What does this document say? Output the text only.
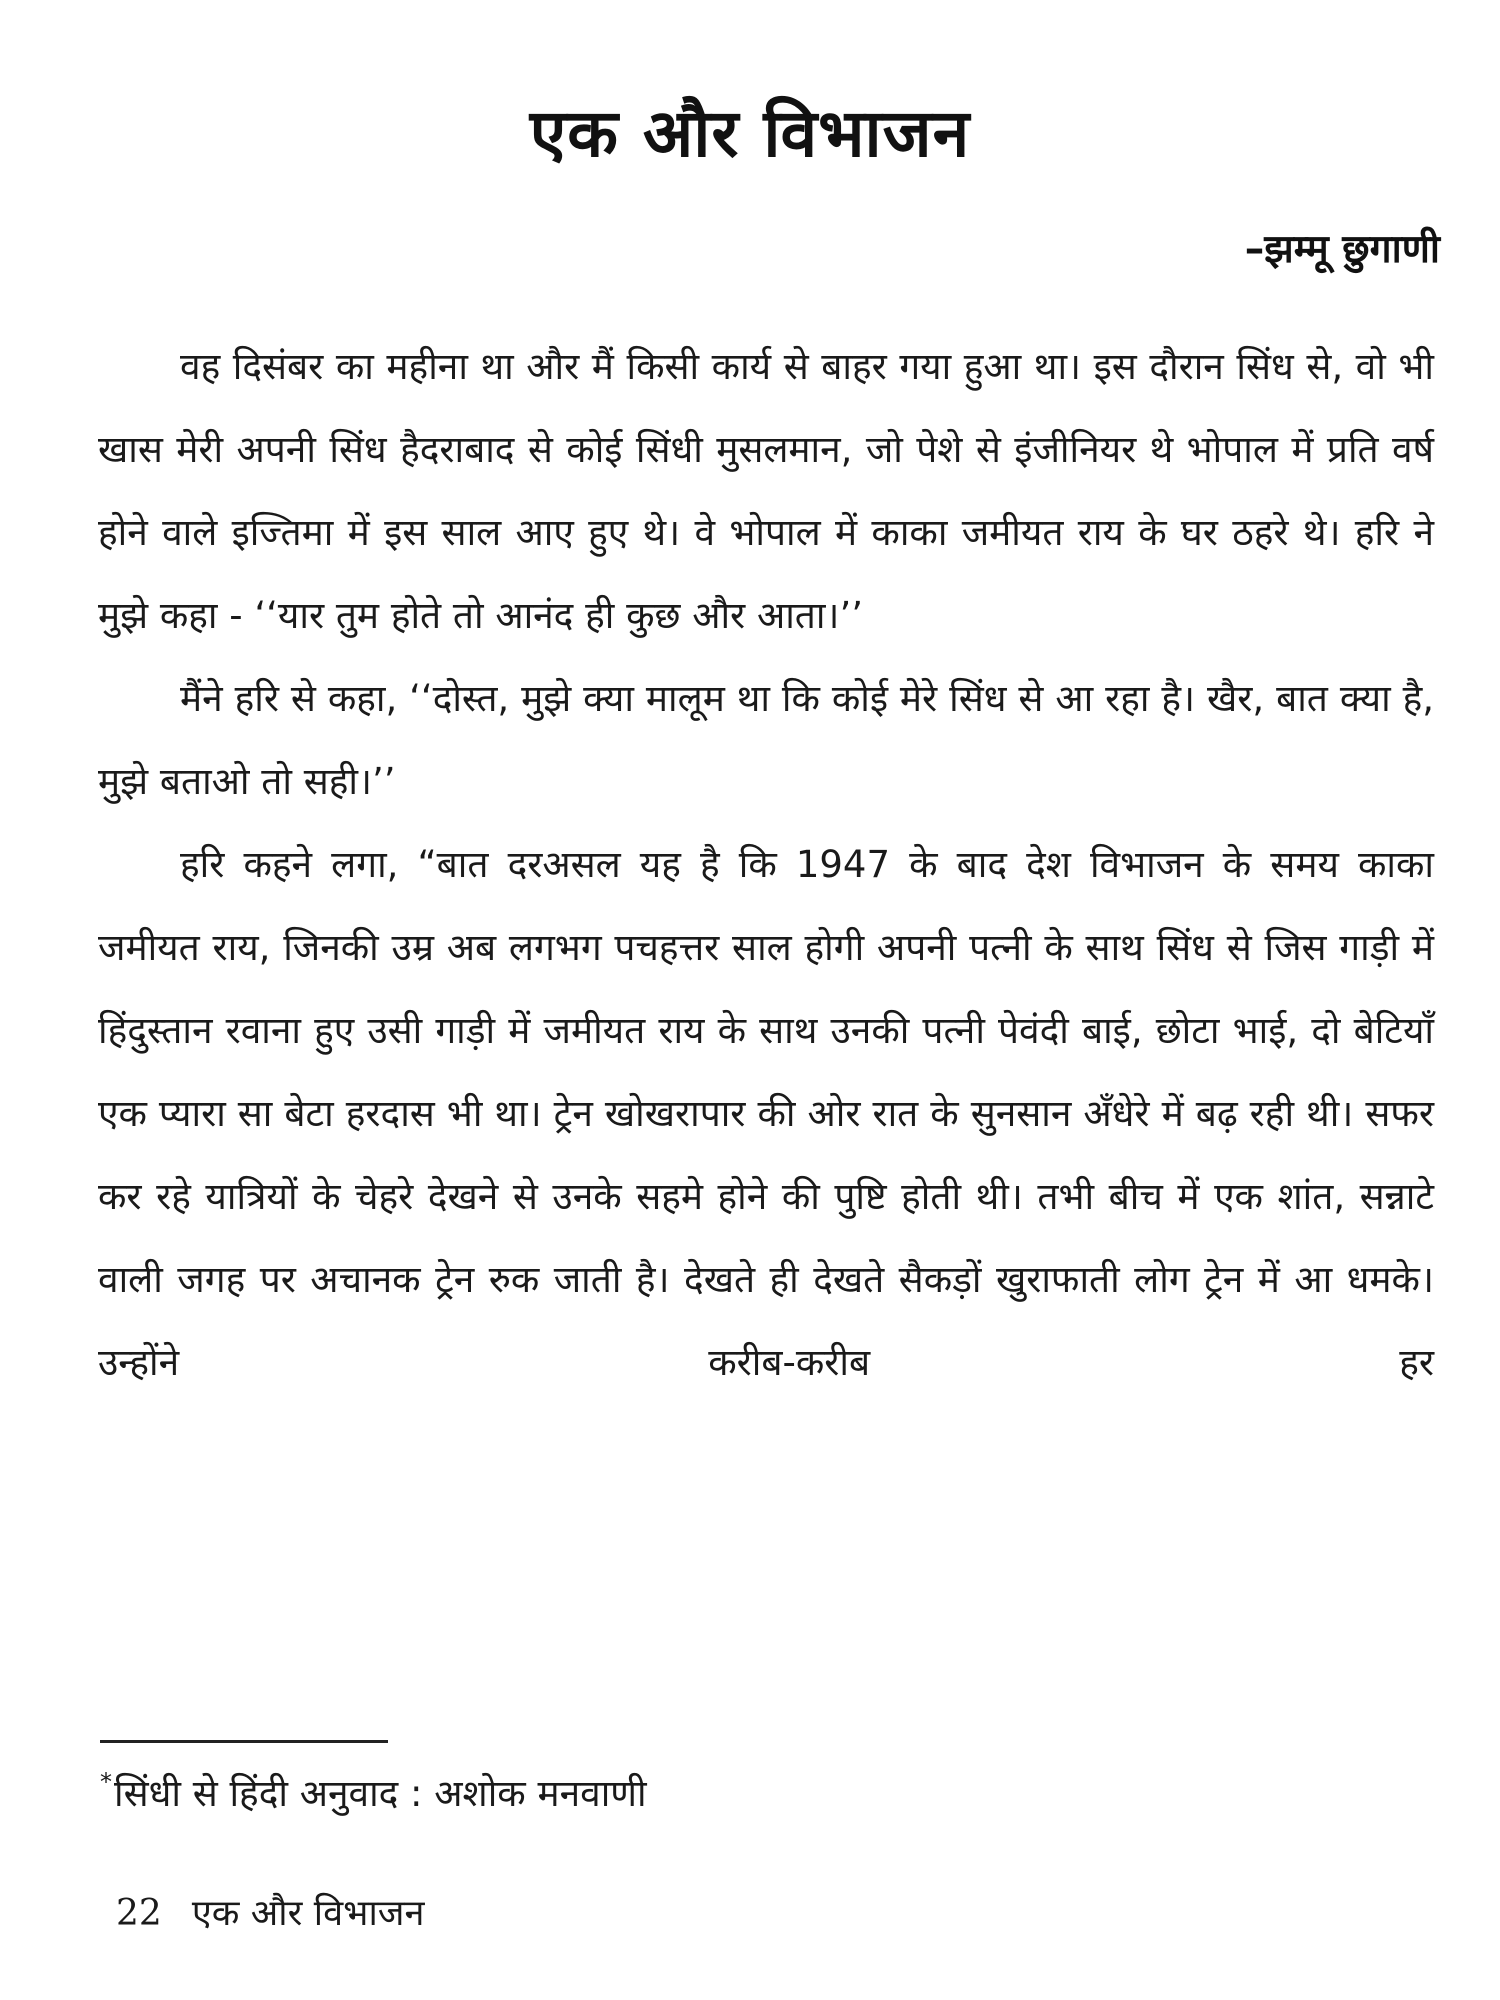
एक और विभाजन
–झम्मू छुगाणी

वह दिसंबर का महीना था और मैं किसी कार्य से बाहर गया हुआ था। इस दौरान सिंध से, वो भी खास मेरी अपनी सिंध हैदराबाद से कोई सिंधी मुसलमान, जो पेशे से इंजीनियर थे भोपाल में प्रति वर्ष होने वाले इज्तिमा में इस साल आए हुए थे। वे भोपाल में काका जमीयत राय के घर ठहरे थे। हरि ने मुझे कहा - ‘‘यार तुम होते तो आनंद ही कुछ और आता।’’

मैंने हरि से कहा, ‘‘दोस्त, मुझे क्या मालूम था कि कोई मेरे सिंध से आ रहा है। खैर, बात क्या है, मुझे बताओ तो सही।’’

हरि कहने लगा, “बात दरअसल यह है कि 1947 के बाद देश विभाजन के समय काका जमीयत राय, जिनकी उम्र अब लगभग पचहत्तर साल होगी अपनी पत्नी के साथ सिंध से जिस गाड़ी में हिंदुस्तान रवाना हुए उसी गाड़ी में जमीयत राय के साथ उनकी पत्नी पेवंदी बाई, छोटा भाई, दो बेटियाँ एक प्यारा सा बेटा हरदास भी था। ट्रेन खोखरापार की ओर रात के सुनसान अँधेरे में बढ़ रही थी। सफर कर रहे यात्रियों के चेहरे देखने से उनके सहमे होने की पुष्टि होती थी। तभी बीच में एक शांत, सन्नाटे वाली जगह पर अचानक ट्रेन रुक जाती है। देखते ही देखते सैकड़ों खुराफाती लोग ट्रेन में आ धमके। उन्होंने करीब-करीब हर

*सिंधी से हिंदी अनुवाद : अशोक मनवाणी
22 एक और विभाजन
